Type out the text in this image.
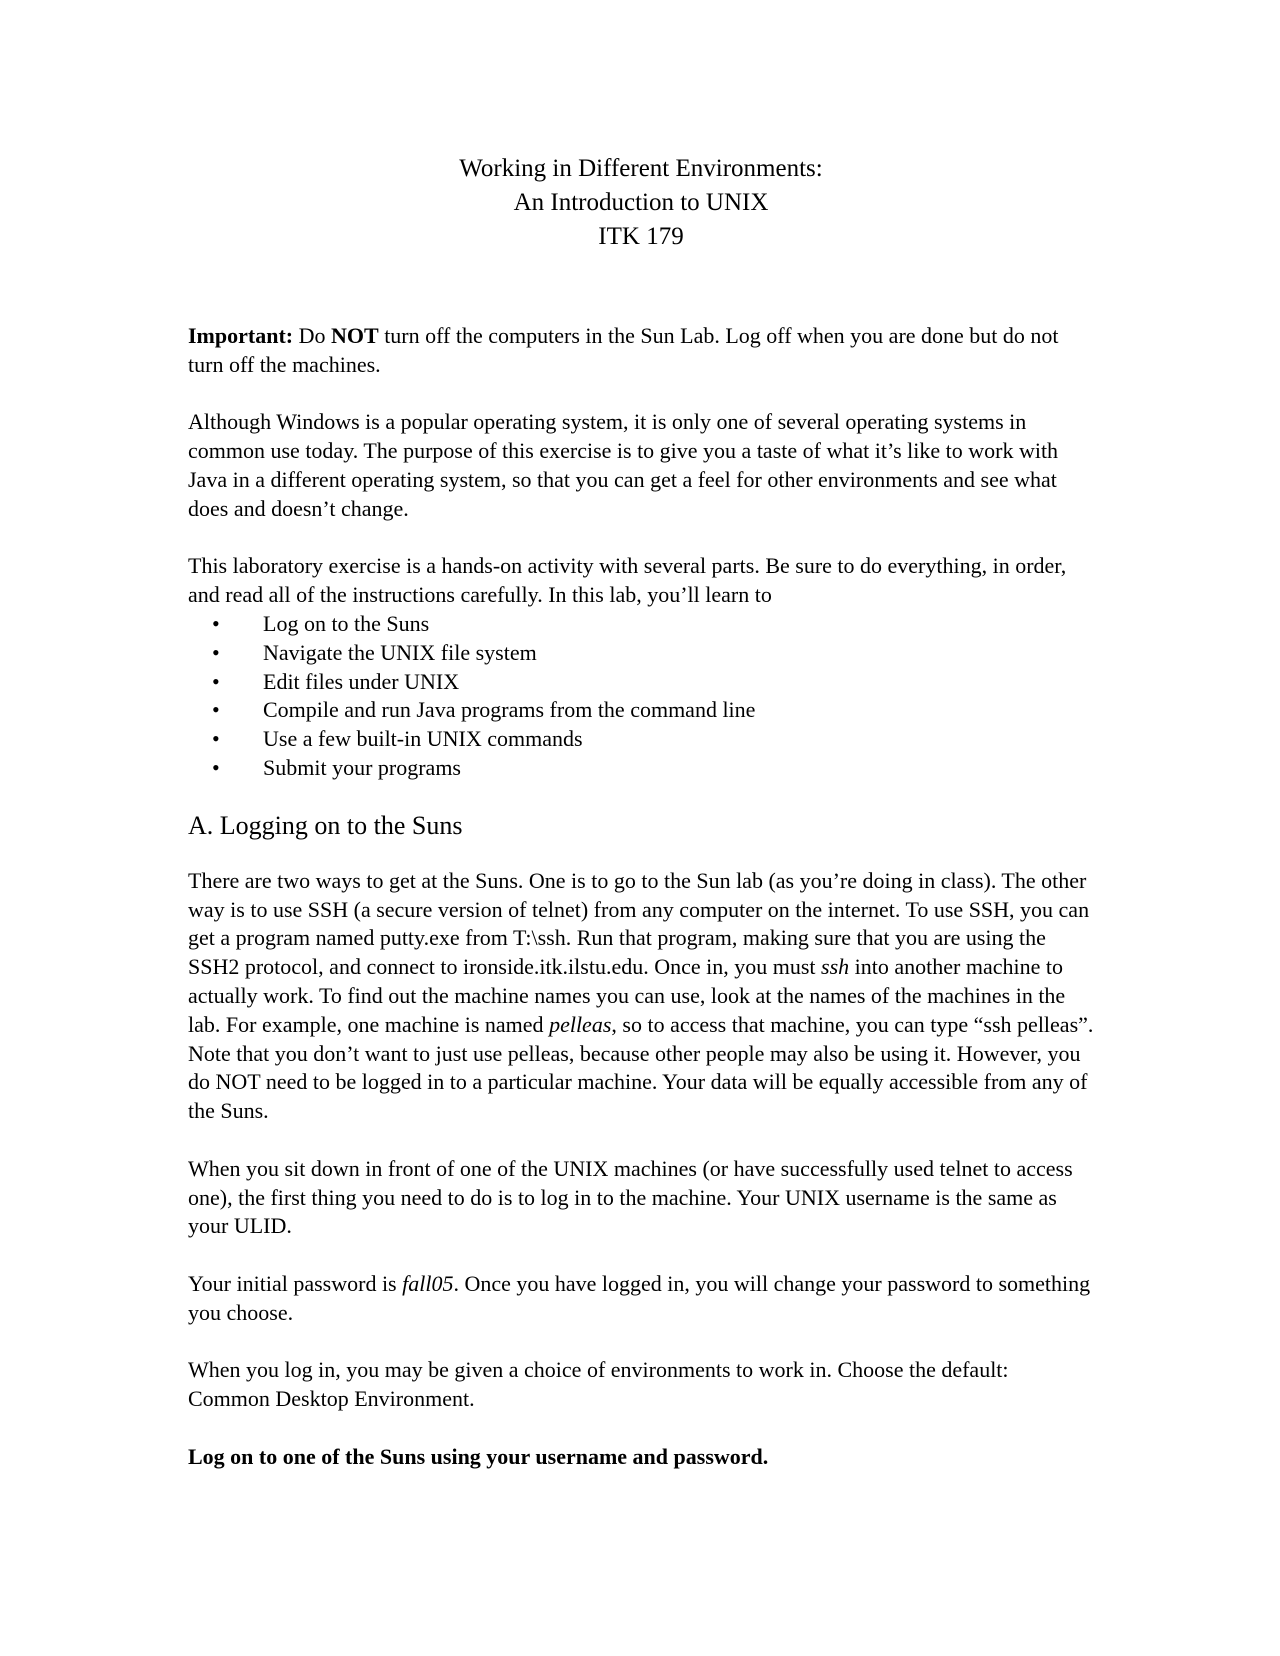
Working in Different Environments:
An Introduction to UNIX
ITK 179

Important: Do NOT turn off the computers in the Sun Lab. Log off when you are done but do not turn off the machines.

Although Windows is a popular operating system, it is only one of several operating systems in common use today. The purpose of this exercise is to give you a taste of what it’s like to work with Java in a different operating system, so that you can get a feel for other environments and see what does and doesn’t change.

This laboratory exercise is a hands-on activity with several parts. Be sure to do everything, in order, and read all of the instructions carefully. In this lab, you’ll learn to

• Log on to the Suns
• Navigate the UNIX file system
• Edit files under UNIX
• Compile and run Java programs from the command line
• Use a few built-in UNIX commands
• Submit your programs
A. Logging on to the Suns

There are two ways to get at the Suns. One is to go to the Sun lab (as you’re doing in class). The other way is to use SSH (a secure version of telnet) from any computer on the internet. To use SSH, you can get a program named putty.exe from T:\ssh. Run that program, making sure that you are using the SSH2 protocol, and connect to ironside.itk.ilstu.edu. Once in, you must ssh into another machine to actually work. To find out the machine names you can use, look at the names of the machines in the lab. For example, one machine is named pelleas, so to access that machine, you can type “ssh pelleas”. Note that you don’t want to just use pelleas, because other people may also be using it. However, you do NOT need to be logged in to a particular machine. Your data will be equally accessible from any of the Suns.

When you sit down in front of one of the UNIX machines (or have successfully used telnet to access one), the first thing you need to do is to log in to the machine. Your UNIX username is the same as your ULID.

Your initial password is fall05. Once you have logged in, you will change your password to something you choose.

When you log in, you may be given a choice of environments to work in. Choose the default: Common Desktop Environment.

Log on to one of the Suns using your username and password.
